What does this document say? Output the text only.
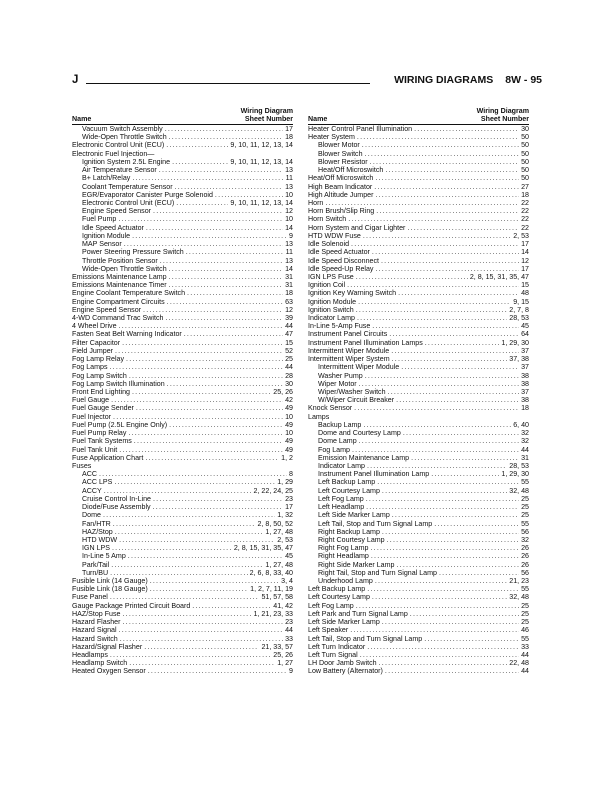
J	WIRING DIAGRAMS 8W - 95
Name
Wiring Diagram
Sheet Number
Vacuum Switch Assembly .....	17
Wide-Open Throttle Switch .....	18
Electronic Control Unit (ECU) .....	9, 10, 11, 12, 13, 14
Electronic Fuel Injection—
Ignition System 2.5L Engine .....	9, 10, 11, 12, 13, 14
Air Temperature Sensor .....	13
B+ Latch/Relay .....	11
Coolant Temperature Sensor .....	13
EGR/Evaporator Canister Purge Solenoid .....	10
Electronic Control Unit (ECU) .....	9, 10, 11, 12, 13, 14
Engine Speed Sensor .....	12
Fuel Pump .....	10
Idle Speed Actuator .....	14
Ignition Module .....	9
MAP Sensor .....	13
Power Steering Pressure Switch .....	11
Throttle Position Sensor .....	13
Wide-Open Throttle Switch .....	14
Emissions Maintenance Lamp .....	31
Emissions Maintenance Timer .....	31
Engine Coolant Temperature Switch .....	18
Engine Compartment Circuits .....	63
Engine Speed Sensor .....	12
4-WD Command Trac Switch .....	39
4 Wheel Drive .....	44
Fasten Seat Belt Warning Indicator .....	47
Filter Capacitor .....	15
Field Jumper .....	52
Fog Lamp Relay .....	25
Fog Lamps .....	44
Fog Lamp Switch .....	28
Fog Lamp Switch Illumination .....	30
Front End Lighting .....	25, 26
Fuel Gauge .....	42
Fuel Gauge Sender .....	49
Fuel Injector .....	10
Fuel Pump (2.5L Engine Only) .....	49
Fuel Pump Relay .....	10
Fuel Tank Systems .....	49
Fuel Tank Unit .....	49
Fuse Application Chart .....	1, 2
Fuses
ACC .....	8
ACC LPS .....	1, 29
ACCY .....	2, 22, 24, 25
Cruise Control In-Line .....	23
Diode/Fuse Assembly .....	17
Dome .....	1, 32
Fan/HTR .....	2, 8, 50, 52
HAZ/Stop .....	1, 27, 48
HTD WDW .....	2, 53
IGN LPS .....	2, 8, 15, 31, 35, 47
In-Line 5 Amp .....	45
Park/Tail .....	1, 27, 48
Turn/BU .....	2, 6, 8, 33, 40
Fusible Link (14 Gauge) .....	3, 4
Fusible Link (18 Gauge) .....	1, 2, 7, 11, 19
Fuse Panel .....	51, 57, 58
Gauge Package Printed Circuit Board .....	41, 42
HAZ/Stop Fuse .....	1, 21, 23, 33
Hazard Flasher .....	23
Hazard Signal .....	44
Hazard Switch .....	33
Hazard/Signal Flasher .....	21, 33, 57
Headlamps .....	25, 26
Headlamp Switch .....	1, 27
Heated Oxygen Sensor .....	9
Name
Wiring Diagram
Sheet Number
Heater Control Panel Illumination .....	30
Heater System .....	50
Blower Motor .....	50
Blower Switch .....	50
Blower Resistor .....	50
Heat/Off Microswitch .....	50
Heat/Off Microswitch .....	50
High Beam Indicator .....	27
High Altitude Jumper .....	18
Horn .....	22
Horn Brush/Slip Ring .....	22
Horn Switch .....	22
Horn System and Cigar Lighter .....	22
HTD WDW Fuse .....	2, 53
Idle Solenoid .....	17
Idle Speed Actuator .....	14
Idle Speed Disconnect .....	12
Idle Speed-Up Relay .....	17
IGN LPS Fuse .....	2, 8, 15, 31, 35, 47
Ignition Coil .....	15
Ignition Key Warning Switch .....	48
Ignition Module .....	9, 15
Ignition Switch .....	2, 7, 8
Indicator Lamp .....	28, 53
In-Line 5-Amp Fuse .....	45
Instrument Panel Circuits .....	64
Instrument Panel Illumination Lamps .....	1, 29, 30
Intermittent Wiper Module .....	37
Intermittent Wiper System .....	37, 38
Intermittent Wiper Module .....	37
Washer Pump .....	38
Wiper Motor .....	38
Wiper/Washer Switch .....	37
W/Wiper Circuit Breaker .....	38
Knock Sensor .....	18
Lamps
Backup Lamp .....	6, 40
Dome and Courtesy Lamp .....	32
Dome Lamp .....	32
Fog Lamp .....	44
Emission Maintenance Lamp .....	31
Indicator Lamp .....	28, 53
Instrument Panel Illumination Lamp .....	1, 29, 30
Left Backup Lamp .....	55
Left Courtesy Lamp .....	32, 48
Left Fog Lamp .....	25
Left Headlamp .....	25
Left Side Marker Lamp .....	25
Left Tail, Stop and Turn Signal Lamp .....	55
Right Backup Lamp .....	56
Right Courtesy Lamp .....	32
Right Fog Lamp .....	26
Right Headlamp .....	26
Right Side Marker Lamp .....	26
Right Tail, Stop and Turn Signal Lamp .....	56
Underhood Lamp .....	21, 23
Left Backup Lamp .....	55
Left Courtesy Lamp .....	32, 48
Left Fog Lamp .....	25
Left Park and Turn Signal Lamp .....	25
Left Side Marker Lamp .....	25
Left Speaker .....	46
Left Tail, Stop and Turn Signal Lamp .....	55
Left Turn Indicator .....	33
Left Turn Signal .....	44
LH Door Jamb Switch .....	22, 48
Low Battery (Alternator) .....	44
